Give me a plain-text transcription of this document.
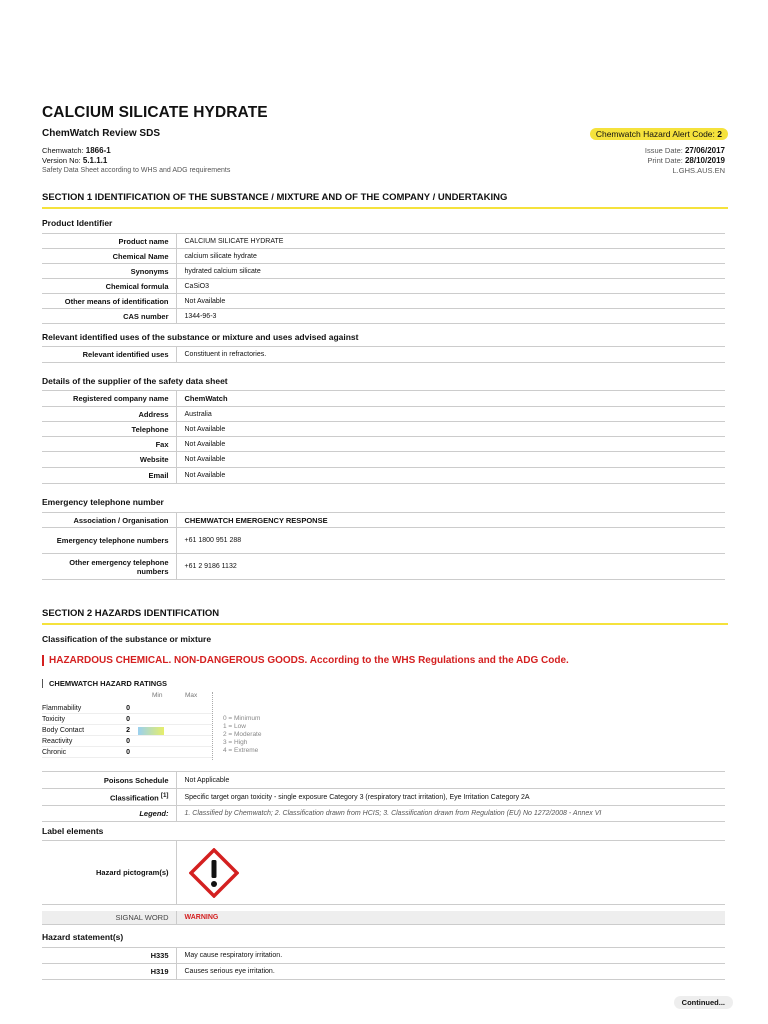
CALCIUM SILICATE HYDRATE
ChemWatch Review SDS	Chemwatch Hazard Alert Code: 2
Chemwatch: 1866-1
Version No: 5.1.1.1
Safety Data Sheet according to WHS and ADG requirements
Issue Date: 27/06/2017
Print Date: 28/10/2019
L.GHS.AUS.EN
SECTION 1 IDENTIFICATION OF THE SUBSTANCE / MIXTURE AND OF THE COMPANY / UNDERTAKING
Product Identifier
Product name	CALCIUM SILICATE HYDRATE
Chemical Name	calcium silicate hydrate
Synonyms	hydrated calcium silicate
Chemical formula	CaSiO3
Other means of identification	Not Available
CAS number	1344-96-3
Relevant identified uses of the substance or mixture and uses advised against
Relevant identified uses	Constituent in refractories.
Details of the supplier of the safety data sheet
Registered company name	ChemWatch
Address	Australia
Telephone	Not Available
Fax	Not Available
Website	Not Available
Email	Not Available
Emergency telephone number
Association / Organisation	CHEMWATCH EMERGENCY RESPONSE
Emergency telephone numbers	+61 1800 951 288
Other emergency telephone numbers	+61 2 9186 1132
SECTION 2 HAZARDS IDENTIFICATION
Classification of the substance or mixture
HAZARDOUS CHEMICAL. NON-DANGEROUS GOODS. According to the WHS Regulations and the ADG Code.
CHEMWATCH HAZARD RATINGS
Min	Max
Flammability	0
Toxicity	0
Body Contact	2
Reactivity	0
Chronic	0
0 = Minimum
1 = Low
2 = Moderate
3 = High
4 = Extreme
Poisons Schedule	Not Applicable
Classification [1]	Specific target organ toxicity - single exposure Category 3 (respiratory tract irritation), Eye Irritation Category 2A
Legend:	1. Classified by Chemwatch; 2. Classification drawn from HCIS; 3. Classification drawn from Regulation (EU) No 1272/2008 - Annex VI
Label elements
Hazard pictogram(s)	

SIGNAL WORD	WARNING
Hazard statement(s)
H335	May cause respiratory irritation.
H319	Causes serious eye irritation.
Continued...
